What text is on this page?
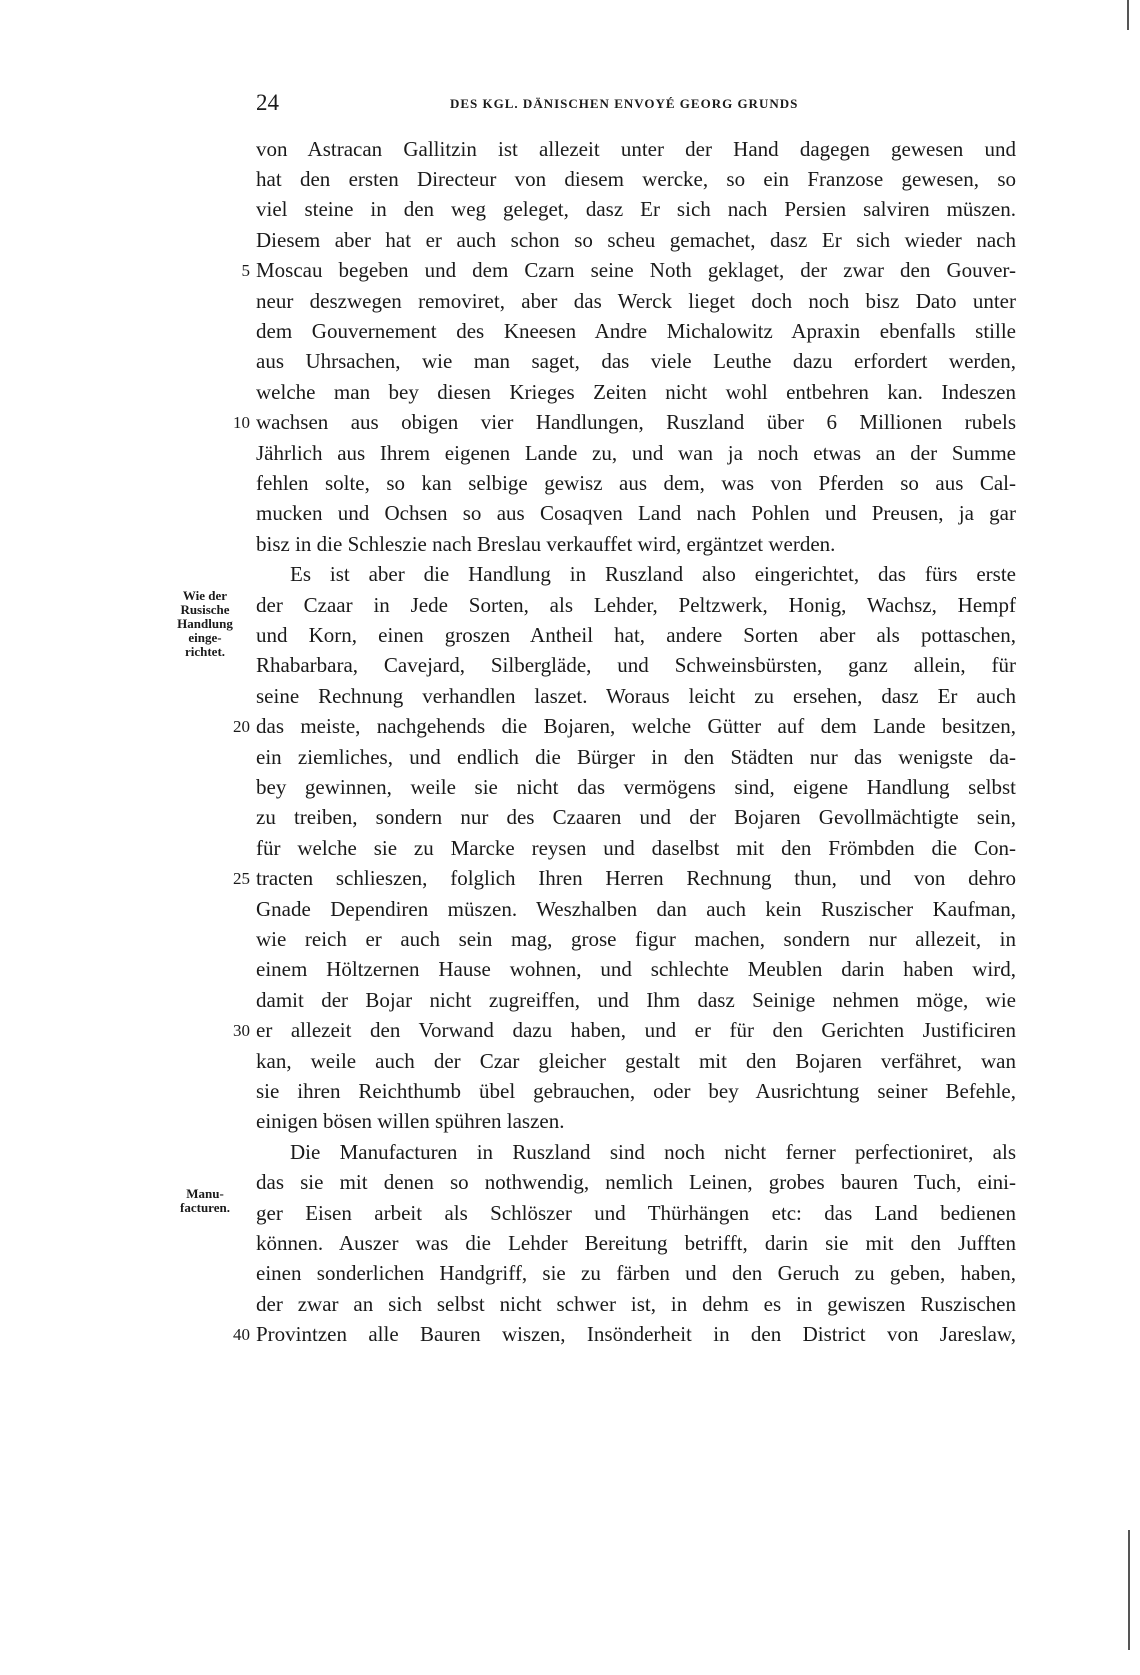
24	DES KGL. DÄNISCHEN ENVOYÉ GEORG GRUNDS
von Astracan Gallitzin ist allezeit unter der Hand dagegen gewesen und
hat den ersten Directeur von diesem wercke, so ein Franzose gewesen, so
viel steine in den weg geleget, dasz Er sich nach Persien salviren müszen.
Diesem aber hat er auch schon so scheu gemachet, dasz Er sich wieder nach
Moscau begeben und dem Czarn seine Noth geklaget, der zwar den Gouver-
neur deszwegen removiret, aber das Werck lieget doch noch bisz Dato unter
dem Gouvernement des Kneesen Andre Michalowitz Apraxin ebenfalls stille
aus Uhrsachen, wie man saget, das viele Leuthe dazu erfordert werden,
welche man bey diesen Krieges Zeiten nicht wohl entbehren kan. Indeszen
wachsen aus obigen vier Handlungen, Ruszland über 6 Millionen rubels
Jährlich aus Ihrem eigenen Lande zu, und wan ja noch etwas an der Summe
fehlen solte, so kan selbige gewisz aus dem, was von Pferden so aus Cal-
mucken und Ochsen so aus Cosaqven Land nach Pohlen und Preusen, ja gar
bisz in die Schleszie nach Breslau verkauffet wird, ergäntzet werden.
Es ist aber die Handlung in Ruszland also eingerichtet, das fürs erste
der Czaar in Jede Sorten, als Lehder, Peltzwerk, Honig, Wachsz, Hempf
und Korn, einen groszen Antheil hat, andere Sorten aber als pottaschen,
Rhabarbara, Cavejard, Silbergläde, und Schweinsbürsten, ganz allein, für
seine Rechnung verhandlen laszet. Woraus leicht zu ersehen, dasz Er auch
das meiste, nachgehends die Bojaren, welche Gütter auf dem Lande besitzen,
ein ziemliches, und endlich die Bürger in den Städten nur das wenigste da-
bey gewinnen, weile sie nicht das vermögens sind, eigene Handlung selbst
zu treiben, sondern nur des Czaaren und der Bojaren Gevollmächtigte sein,
für welche sie zu Marcke reysen und daselbst mit den Frömbden die Con-
tracten schlieszen, folglich Ihren Herren Rechnung thun, und von dehro
Gnade Dependiren müszen. Weszhalben dan auch kein Ruszischer Kaufman,
wie reich er auch sein mag, grose figur machen, sondern nur allezeit, in
einem Höltzernen Hause wohnen, und schlechte Meublen darin haben wird,
damit der Bojar nicht zugreiffen, und Ihm dasz Seinige nehmen möge, wie
er allezeit den Vorwand dazu haben, und er für den Gerichten Justificiren
kan, weile auch der Czar gleicher gestalt mit den Bojaren verfähret, wan
sie ihren Reichthumb übel gebrauchen, oder bey Ausrichtung seiner Befehle,
einigen bösen willen spühren laszen.
Die Manufacturen in Ruszland sind noch nicht ferner perfectioniret, als
das sie mit denen so nothwendig, nemlich Leinen, grobes bauren Tuch, eini-
ger Eisen arbeit als Schlöszer und Thürhängen etc: das Land bedienen
können. Auszer was die Lehder Bereitung betrifft, darin sie mit den Jufften
einen sonderlichen Handgriff, sie zu färben und den Geruch zu geben, haben,
der zwar an sich selbst nicht schwer ist, in dehm es in gewiszen Ruszischen
Provintzen alle Bauren wiszen, Insönderheit in den District von Jareslaw,
5
10
20
25
30
40
Wie der
Rusische
Handlung
einge-
richtet.
Manu-
facturen.
